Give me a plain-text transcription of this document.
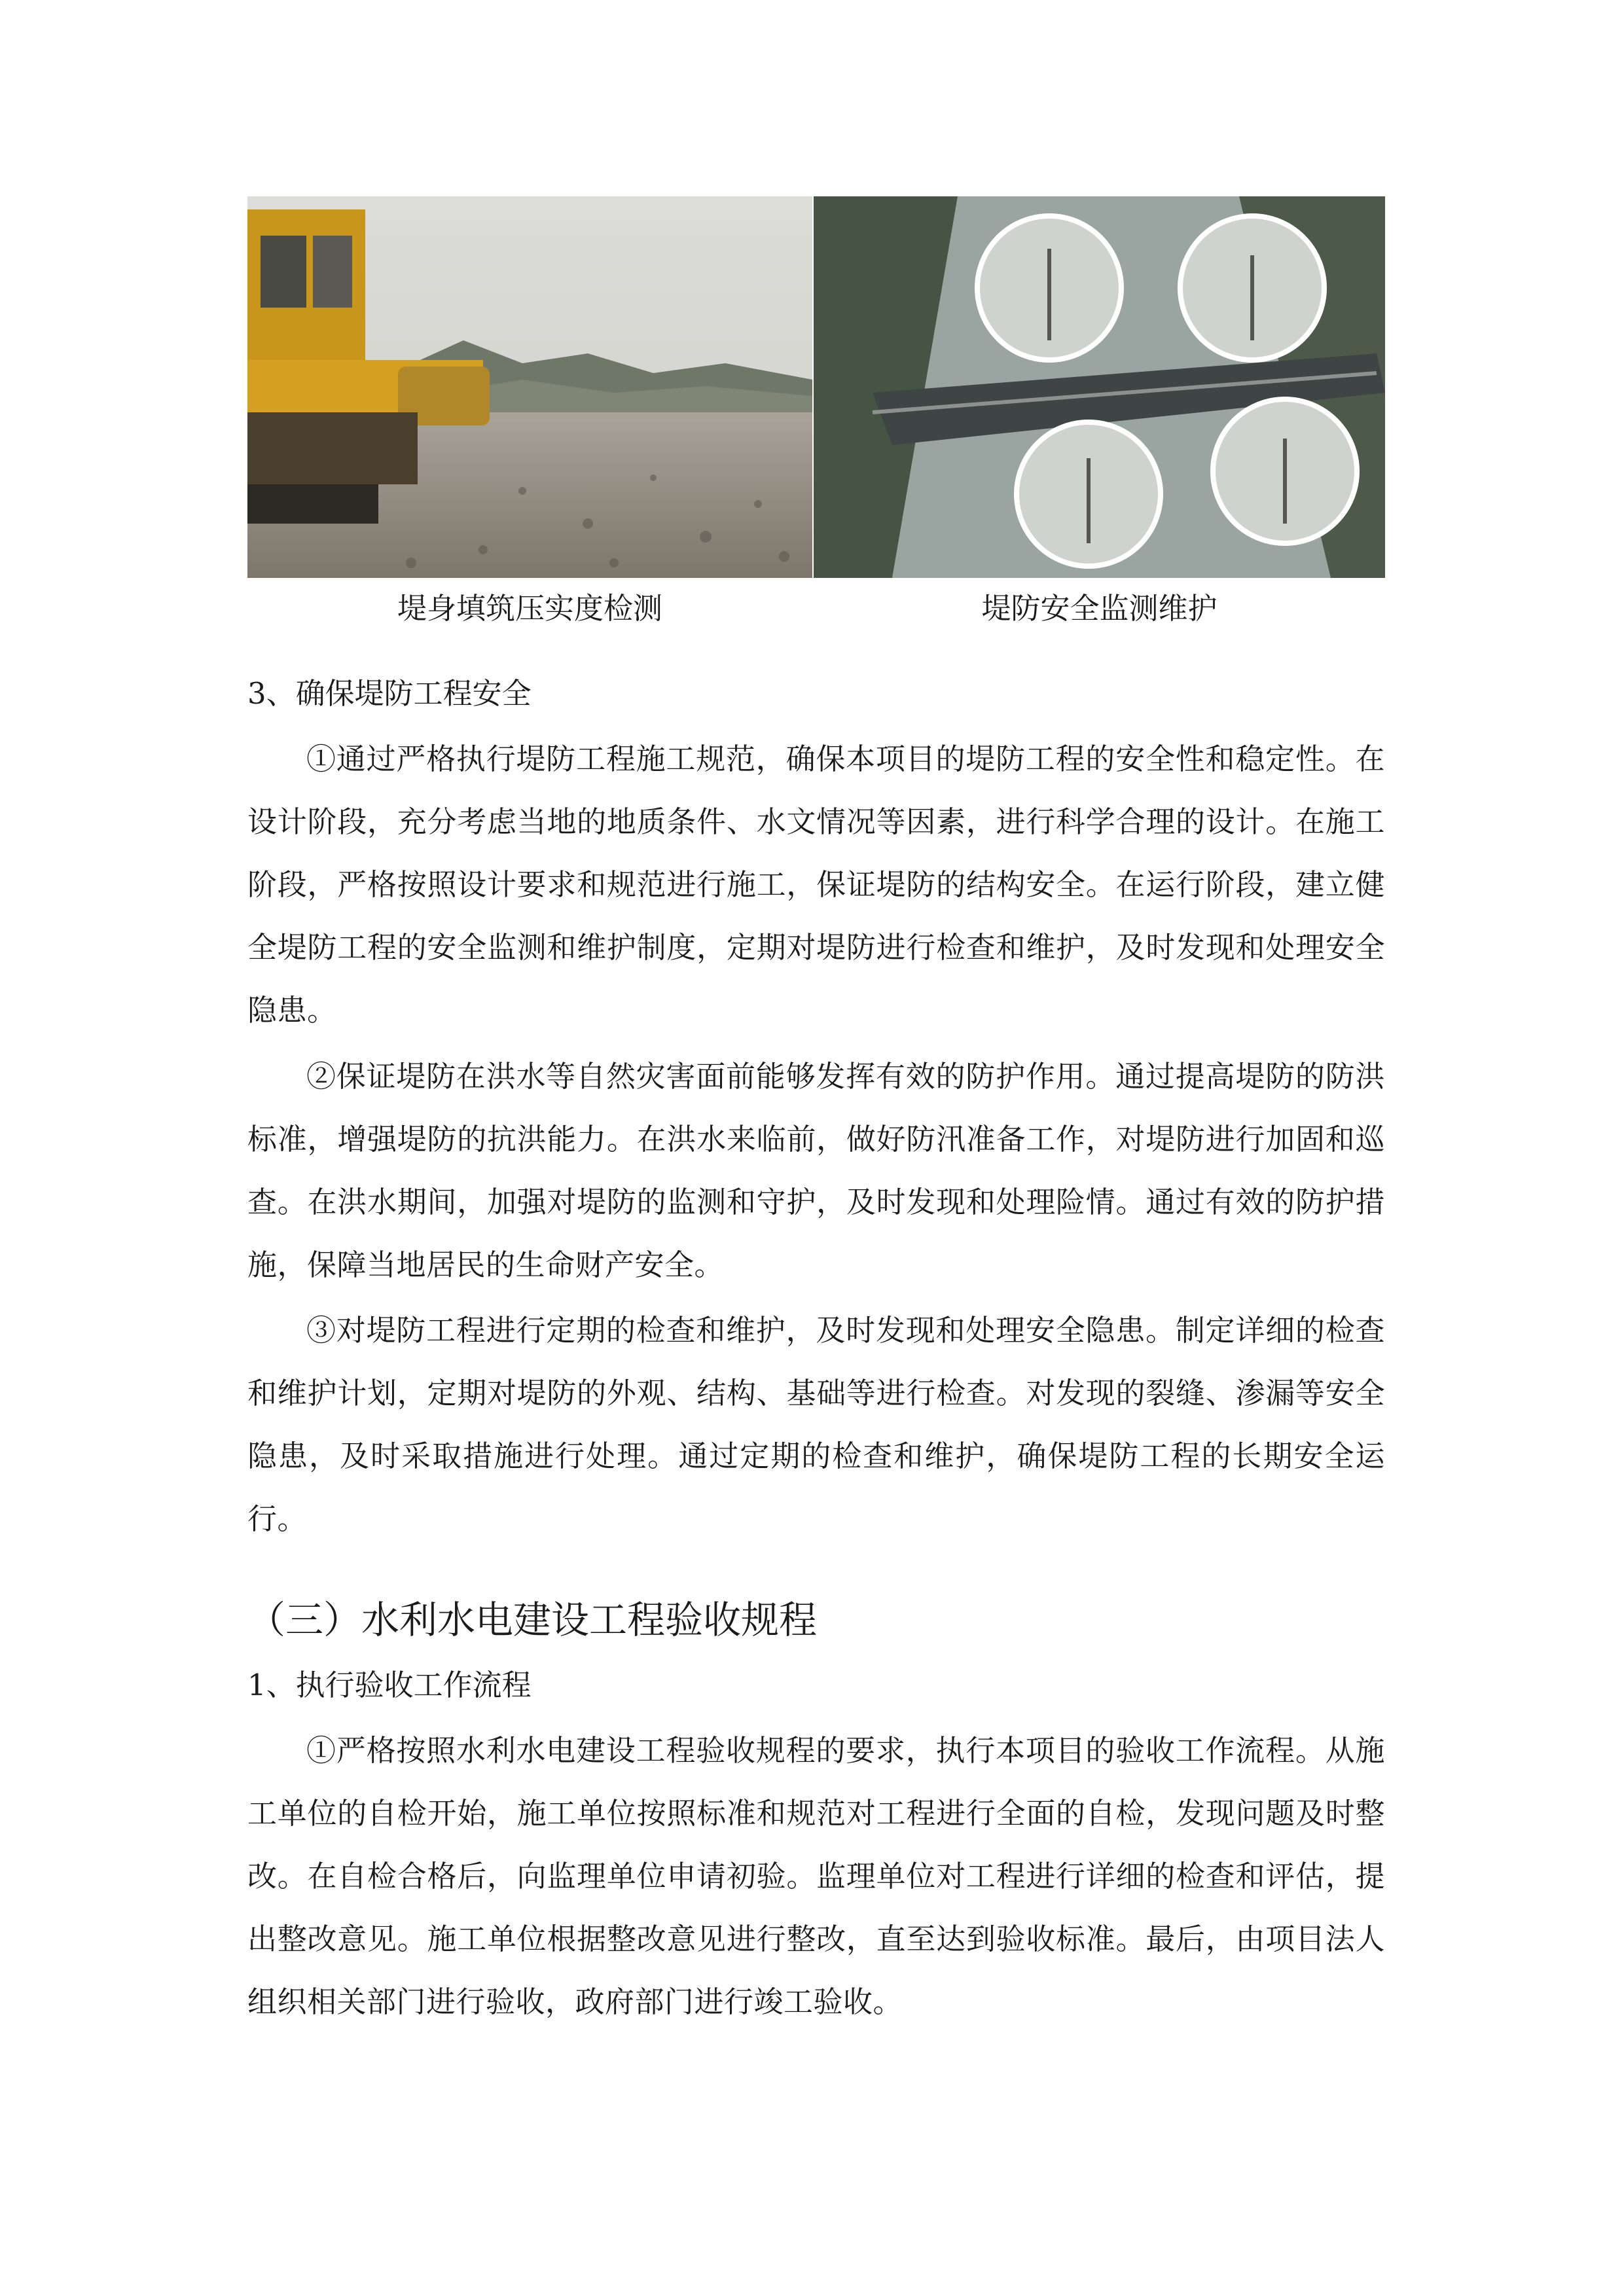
堤身填筑压实度检测	堤防安全监测维护
3、确保堤防工程安全
①通过严格执行堤防工程施工规范，确保本项目的堤防工程的安全性和稳定性。在设计阶段，充分考虑当地的地质条件、水文情况等因素，进行科学合理的设计。在施工阶段，严格按照设计要求和规范进行施工，保证堤防的结构安全。在运行阶段，建立健全堤防工程的安全监测和维护制度，定期对堤防进行检查和维护，及时发现和处理安全隐患。
②保证堤防在洪水等自然灾害面前能够发挥有效的防护作用。通过提高堤防的防洪标准，增强堤防的抗洪能力。在洪水来临前，做好防汛准备工作，对堤防进行加固和巡查。在洪水期间，加强对堤防的监测和守护，及时发现和处理险情。通过有效的防护措施，保障当地居民的生命财产安全。
③对堤防工程进行定期的检查和维护，及时发现和处理安全隐患。制定详细的检查和维护计划，定期对堤防的外观、结构、基础等进行检查。对发现的裂缝、渗漏等安全隐患，及时采取措施进行处理。通过定期的检查和维护，确保堤防工程的长期安全运行。
（三）水利水电建设工程验收规程
1、执行验收工作流程
①严格按照水利水电建设工程验收规程的要求，执行本项目的验收工作流程。从施工单位的自检开始，施工单位按照标准和规范对工程进行全面的自检，发现问题及时整改。在自检合格后，向监理单位申请初验。监理单位对工程进行详细的检查和评估，提出整改意见。施工单位根据整改意见进行整改，直至达到验收标准。最后，由项目法人组织相关部门进行验收，政府部门进行竣工验收。
